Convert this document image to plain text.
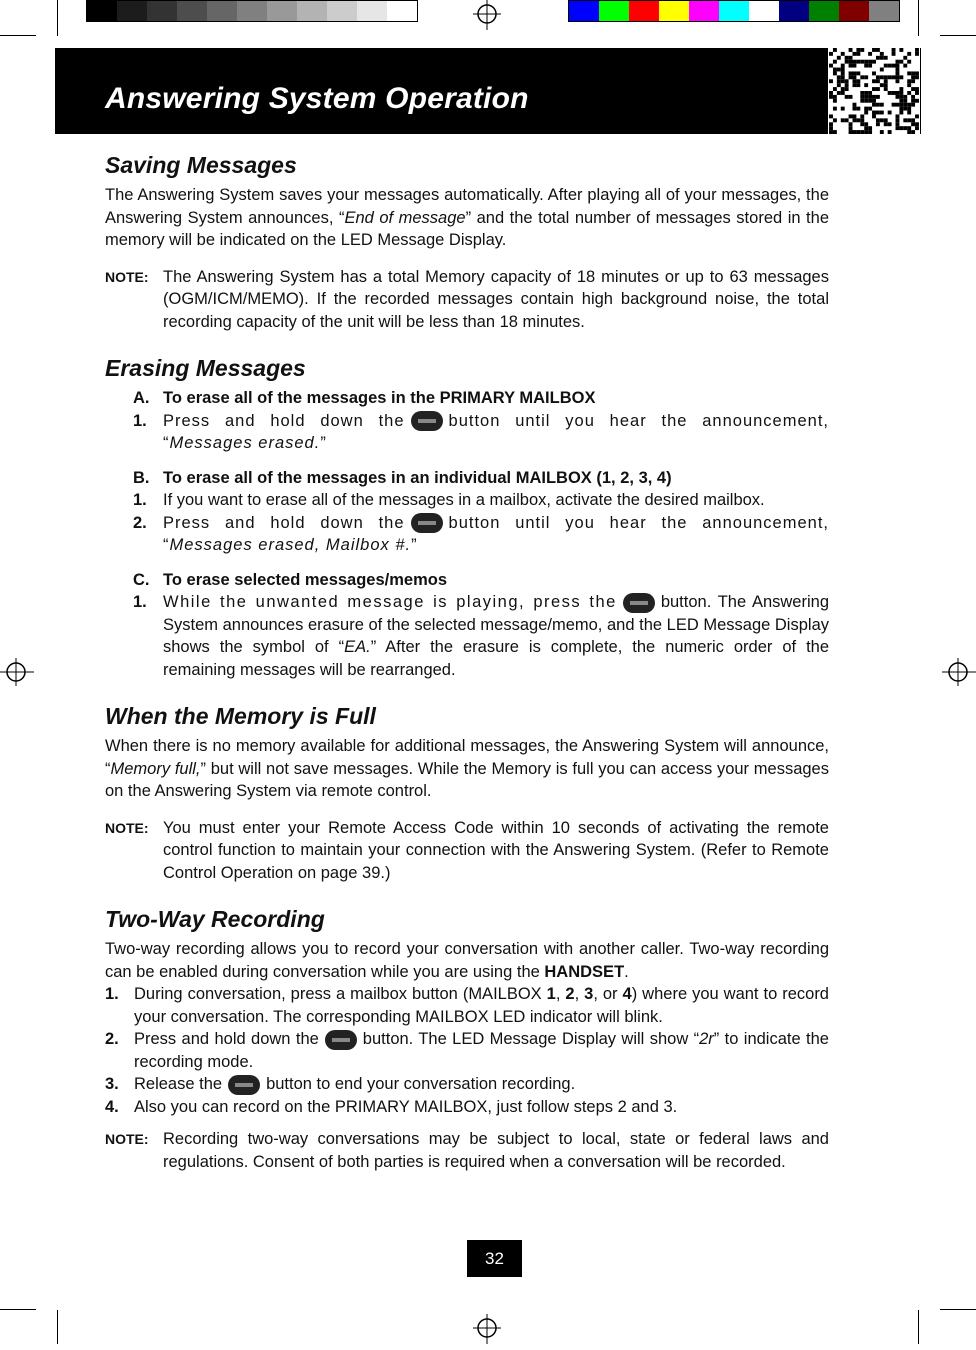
Answering System Operation
Saving Messages

The Answering System saves your messages automatically. After playing all of your messages, the Answering System announces, “End of message” and the total number of messages stored in the memory will be indicated on the LED Message Display.

NOTE: The Answering System has a total Memory capacity of 18 minutes or up to 63 messages (OGM/ICM/MEMO). If the recorded messages contain high background noise, the total recording capacity of the unit will be less than 18 minutes.
Erasing Messages
A. To erase all of the messages in the PRIMARY MAILBOX
1. Press and hold down the	button until you hear the announcement, “Messages erased.”
B. To erase all of the messages in an individual MAILBOX (1, 2, 3, 4)
1. If you want to erase all of the messages in a mailbox, activate the desired mailbox.
2. Press and hold down the	button until you hear the announcement, “Messages erased, Mailbox #.”
C. To erase selected messages/memos
1. While the unwanted message is playing, press the	button. The Answering System announces erasure of the selected message/memo, and the LED Message Display shows the symbol of “EA.” After the erasure is complete, the numeric order of the remaining messages will be rearranged.
When the Memory is Full

When there is no memory available for additional messages, the Answering System will announce, “Memory full,” but will not save messages. While the Memory is full you can access your messages on the Answering System via remote control.

NOTE: You must enter your Remote Access Code within 10 seconds of activating the remote control function to maintain your connection with the Answering System. (Refer to Remote Control Operation on page 39.)
Two-Way Recording

Two-way recording allows you to record your conversation with another caller. Two-way recording can be enabled during conversation while you are using the HANDSET.

1. During conversation, press a mailbox button (MAILBOX 1, 2, 3, or 4) where you want to record your conversation. The corresponding MAILBOX LED indicator will blink.
2. Press and hold down the	button. The LED Message Display will show “2r” to indicate the recording mode.
3. Release the	button to end your conversation recording.
4. Also you can record on the PRIMARY MAILBOX, just follow steps 2 and 3.
NOTE: Recording two-way conversations may be subject to local, state or federal laws and regulations. Consent of both parties is required when a conversation will be recorded.
32
